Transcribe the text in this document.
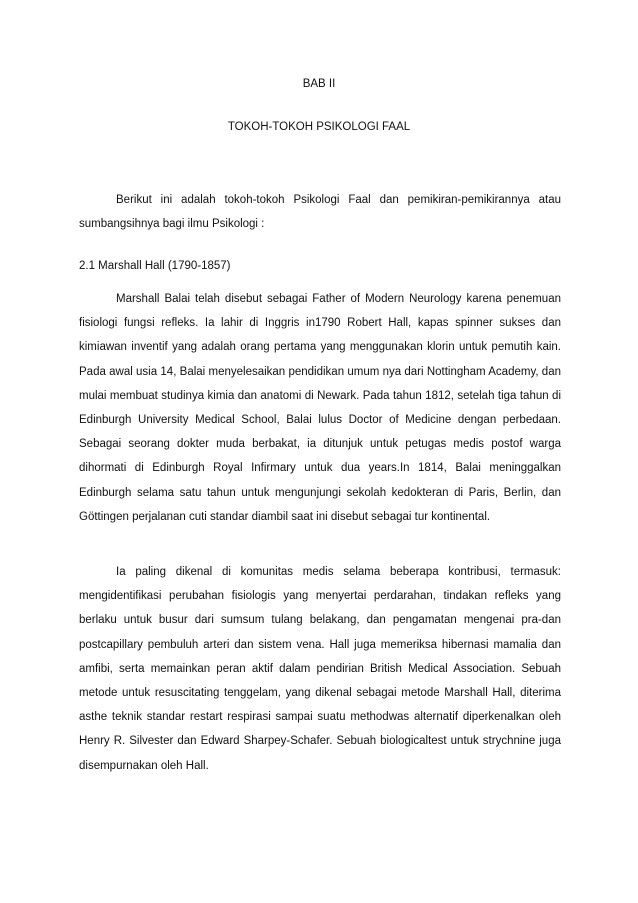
BAB II
TOKOH-TOKOH PSIKOLOGI FAAL

Berikut ini adalah tokoh-tokoh Psikologi Faal dan pemikiran-pemikirannya atau sumbangsihnya bagi ilmu Psikologi :

2.1 Marshall Hall (1790-1857)

Marshall Balai telah disebut sebagai Father of Modern Neurology karena penemuan fisiologi fungsi refleks. Ia lahir di Inggris in1790 Robert Hall, kapas spinner sukses dan kimiawan inventif yang adalah orang pertama yang menggunakan klorin untuk pemutih kain. Pada awal usia 14, Balai menyelesaikan pendidikan umum nya dari Nottingham Academy, dan mulai membuat studinya kimia dan anatomi di Newark. Pada tahun 1812, setelah tiga tahun di Edinburgh University Medical School, Balai lulus Doctor of Medicine dengan perbedaan. Sebagai seorang dokter muda berbakat, ia ditunjuk untuk petugas medis postof warga dihormati di Edinburgh Royal Infirmary untuk dua years.In 1814, Balai meninggalkan Edinburgh selama satu tahun untuk mengunjungi sekolah kedokteran di Paris, Berlin, dan Göttingen perjalanan cuti standar diambil saat ini disebut sebagai tur kontinental.

Ia paling dikenal di komunitas medis selama beberapa kontribusi, termasuk: mengidentifikasi perubahan fisiologis yang menyertai perdarahan, tindakan refleks yang berlaku untuk busur dari sumsum tulang belakang, dan pengamatan mengenai pra-dan postcapillary pembuluh arteri dan sistem vena. Hall juga memeriksa hibernasi mamalia dan amfibi, serta memainkan peran aktif dalam pendirian British Medical Association. Sebuah metode untuk resuscitating tenggelam, yang dikenal sebagai metode Marshall Hall, diterima asthe teknik standar restart respirasi sampai suatu methodwas alternatif diperkenalkan oleh Henry R. Silvester dan Edward Sharpey-Schafer. Sebuah biologicaltest untuk strychnine juga disempurnakan oleh Hall.
